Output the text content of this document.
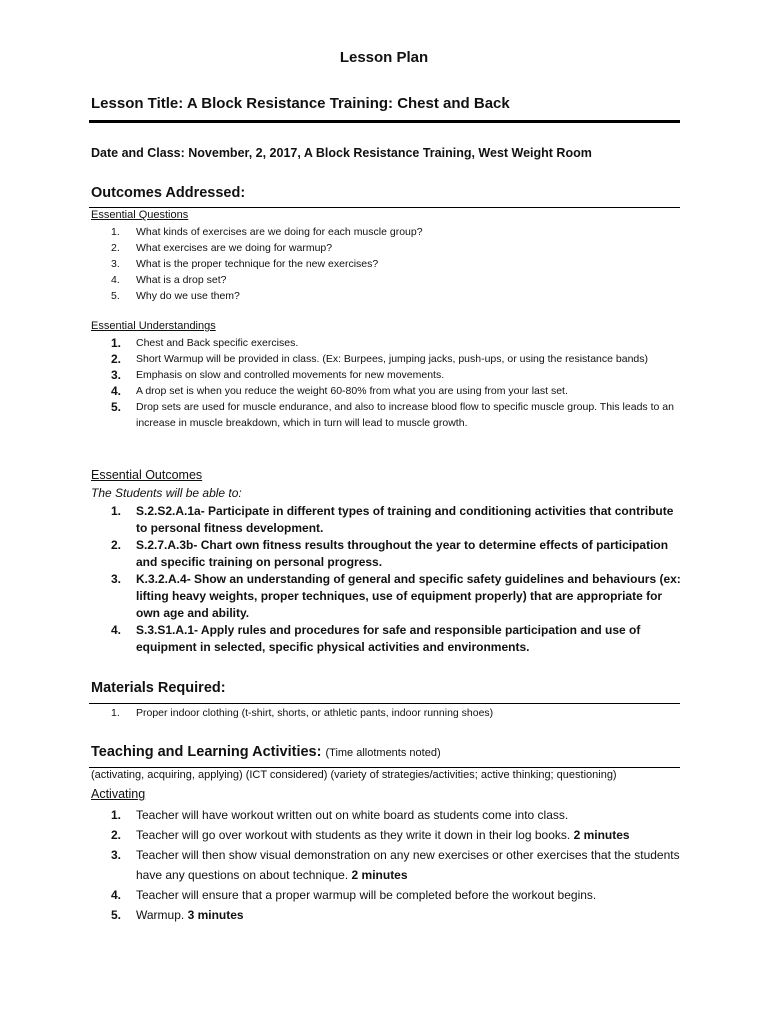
Lesson Plan
Lesson Title: A Block Resistance Training: Chest and Back
Date and Class: November, 2, 2017, A Block Resistance Training, West Weight Room
Outcomes Addressed:
Essential Questions
1. What kinds of exercises are we doing for each muscle group?
2. What exercises are we doing for warmup?
3. What is the proper technique for the new exercises?
4. What is a drop set?
5. Why do we use them?
Essential Understandings
1. Chest and Back specific exercises.
2. Short Warmup will be provided in class. (Ex: Burpees, jumping jacks, push-ups, or using the resistance bands)
3. Emphasis on slow and controlled movements for new movements.
4. A drop set is when you reduce the weight 60-80% from what you are using from your last set.
5. Drop sets are used for muscle endurance, and also to increase blood flow to specific muscle group. This leads to an increase in muscle breakdown, which in turn will lead to muscle growth.
Essential Outcomes
The Students will be able to:
1. S.2.S2.A.1a- Participate in different types of training and conditioning activities that contribute to personal fitness development.
2. S.2.7.A.3b- Chart own fitness results throughout the year to determine effects of participation and specific training on personal progress.
3. K.3.2.A.4- Show an understanding of general and specific safety guidelines and behaviours (ex: lifting heavy weights, proper techniques, use of equipment properly) that are appropriate for own age and ability.
4. S.3.S1.A.1- Apply rules and procedures for safe and responsible participation and use of equipment in selected, specific physical activities and environments.
Materials Required:
1. Proper indoor clothing (t-shirt, shorts, or athletic pants, indoor running shoes)
Teaching and Learning Activities: (Time allotments noted)
(activating, acquiring, applying) (ICT considered) (variety of strategies/activities; active thinking; questioning)
Activating
1. Teacher will have workout written out on white board as students come into class.
2. Teacher will go over workout with students as they write it down in their log books. 2 minutes
3. Teacher will then show visual demonstration on any new exercises or other exercises that the students have any questions on about technique. 2 minutes
4. Teacher will ensure that a proper warmup will be completed before the workout begins.
5. Warmup. 3 minutes
